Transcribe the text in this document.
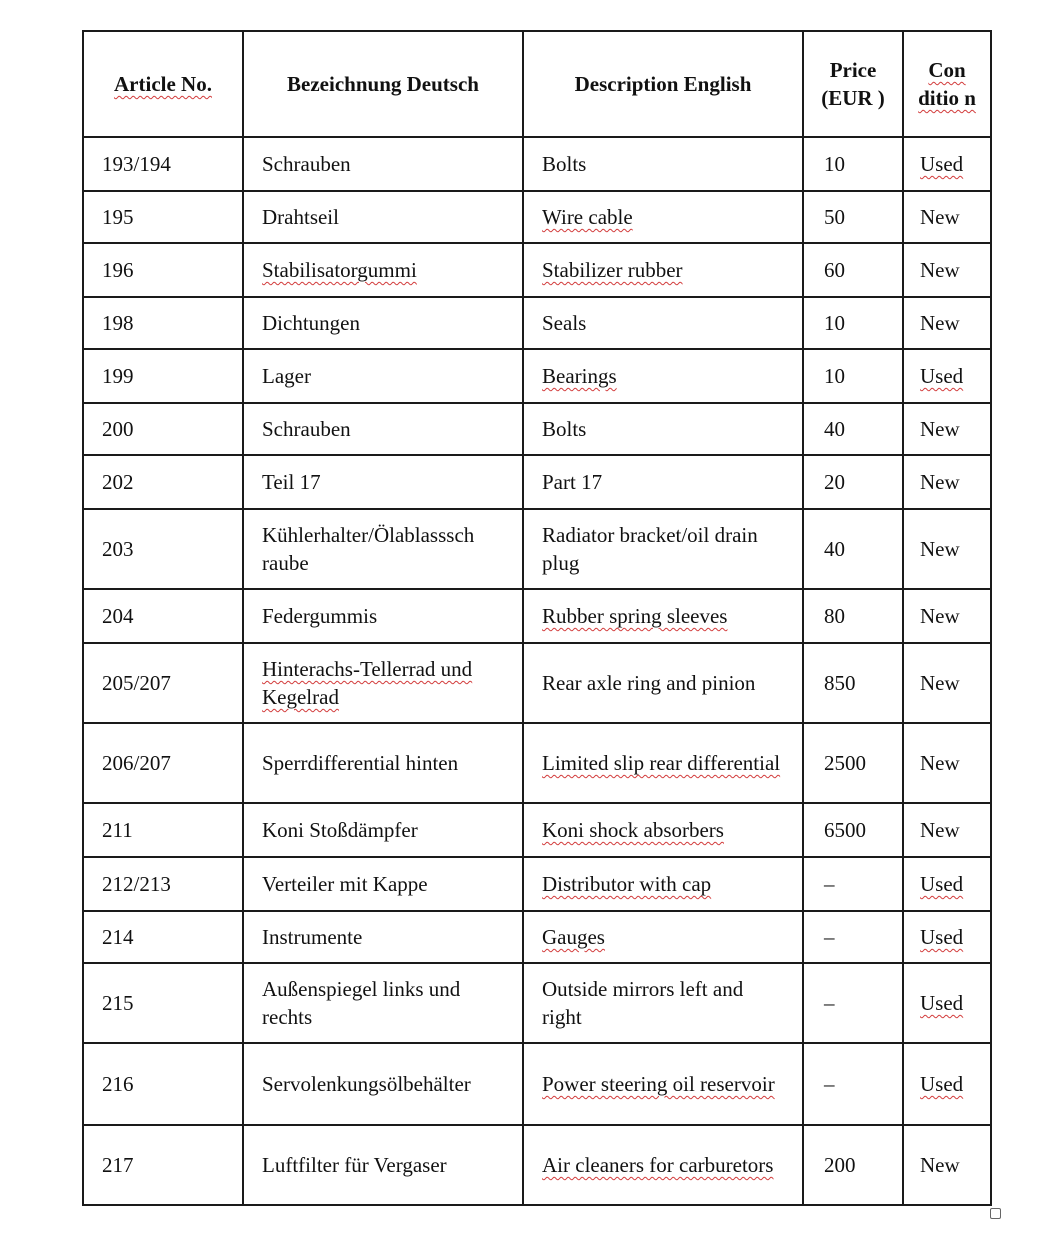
Article No.	Bezeichnung Deutsch	Description English	Price (EUR )	Con ditio n
193/194	Schrauben	Bolts	10	Used
195	Drahtseil	Wire cable	50	New
196	Stabilisatorgummi	Stabilizer rubber	60	New
198	Dichtungen	Seals	10	New
199	Lager	Bearings	10	Used
200	Schrauben	Bolts	40	New
202	Teil 17	Part 17	20	New
203	Kühlerhalter/Ölablasssch raube	Radiator bracket/oil drain plug	40	New
204	Federgummis	Rubber spring sleeves	80	New
205/207	Hinterachs-Tellerrad und Kegelrad	Rear axle ring and pinion	850	New
206/207	Sperrdifferential hinten	Limited slip rear differential	2500	New
211	Koni Stoßdämpfer	Koni shock absorbers	6500	New
212/213	Verteiler mit Kappe	Distributor with cap	–	Used
214	Instrumente	Gauges	–	Used
215	Außenspiegel links und rechts	Outside mirrors left and right	–	Used
216	Servolenkungsölbehälter	Power steering oil reservoir	–	Used
217	Luftfilter für Vergaser	Air cleaners for carburetors	200	New
